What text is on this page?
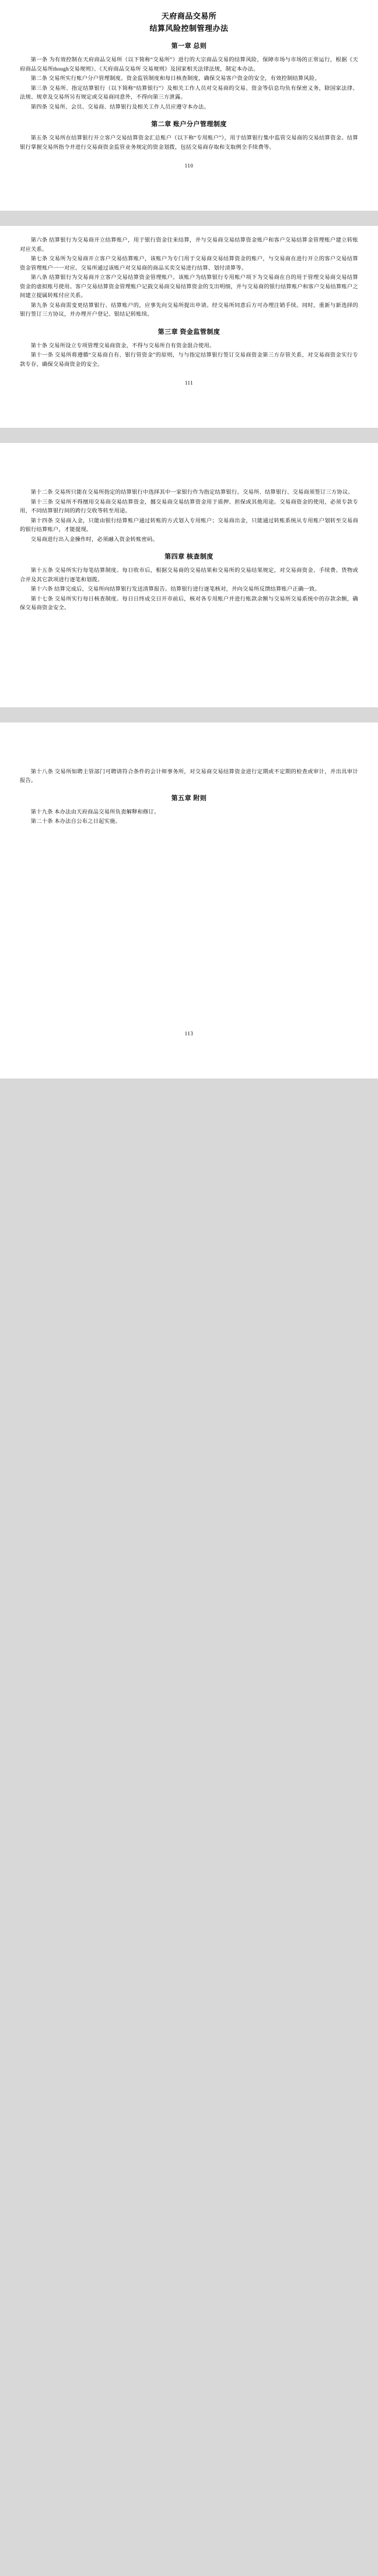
天府商品交易所
结算风险控制管理办法
第一章 总则

第一条 为有效控制在天府商品交易所（以下简称“交易所”）进行的大宗商品交易的结算风险，保障市场与市场的正常运行，根据《天府商品交易所though交易规则》、《天府商品交易所 交易规则》及国家相关法律法规，制定本办法。

第二条 交易所实行账户分户管理制度。资金监管制度和每日核查制度，确保交易客户资金的安全，有效控制结算风险。

第三条 交易所、指定结算银行（以下简称“结算银行”）及相关工作人员对交易商的交易、资金等信息均负有保密义务，除国家法律、法规、规章及交易所另有规定或交易商同意外，不得向第三方泄露。

第四条 交易所、会员、交易商、结算银行及相关工作人员应遵守本办法。

第二章 账户分户管理制度

第五条 交易所在结算银行开立客户交易结算资金汇总账户（以下称“专用账户”），用于结算银行集中监管交易商的交易结算资金。结算银行掌握交易所指令并进行交易商资金监管业务规定的资金划拨，包括交易商存取和支取例全手续费等。

110

第六条 结算银行为交易商开立结算账户，用于银行资金往来结算，并与交易商交易结算资金账户和客户交易结算金管理账户建立转账对应关系。

第七条 交易所为交易商开立客户交易结算账户，该账户为专门用于交易商交易结算资金的账户，与交易商在进行开立的客户交易结算资金管理账户一一对应。交易所通过该账户对交易商的商品买卖交易进行结算、划付清算等。

第八条 结算银行为交易商开立客户交易结算资金管理账户。该账户为结算银行专用账户项下为交易商在自的用于管理交易商交易结算资金的虚拟账号使用。客户交易结算资金管理账户记载交易商交易结算资金的支出明细，并与交易商的银行结算账户和客户交易结算账户之间建立提属转账付应关系。

第九条 交易商需变更结算银行、结算账户的，应事先向交易所提出申请。经交易所同意后方可办理注销手续。同时，重新与新选择的银行签订三方协议，并办理开户登记、银结记转账续。

第三章 资金监管制度

第十条 交易所设立专项管理交易商资金，不得与交易所自有资金混合使用。

第十一条 交易所将遵循“交易商自有、银行管资金”的原则，与与指定结算银行签订交易商资金第三方存管关系，对交易商资金实行专款专存，确保交易商资金的安全。

111

第十二条 交易所只能在交易所指定的结算银行中选择其中一家银行作为指定结算银行。交易所、结算银行、交易商须签订三方协议。

第十三条 交易所不得擅用交易商交易结算资金，挪交易商交易结算资金用于质押、担保或其他用途。交易商资金的使用，必须专款专用，不同结算银行间的跨行交收等转至用途。

第十四条 交易商入金，只能由银行结算账户通过转账的方式划入专用账户；交易商出金，只能通过转账系统从专用账户划转至交易商的银行结算账户，才能提现。

交易商进行出入金操作时，必须融入资金转账密码。

第四章 核查制度

第十五条 交易所实行每笔结算制度。每日收市后，根据交易商的交易结果和交易所的交易结果规定，对交易商资金、手续费、货物或合并及其它款项进行逐笔和划拨。

第十六条 结算完成后，交易所向结算银行发送清算报告。结算银行进行逐笔核对，并向交易所反馈结算账户正确一致。

第十七条 交易所实行每日核查制度。每日日终成交日开市前后，核对各专用账户并进行账款余额与交易所交易系统中的存款余额，确保交易商资金安全。

第十八条 交易所如聘主管部门可聘请符合条件的会计师事务所，对交易商交易结算资金进行定期或不定期的检查或审计，并出具审计报告。

第五章 附则

第十九条 本办法由天府商品交易所负责解释和修订。

第二十条 本办法自公布之日起实施。

113
